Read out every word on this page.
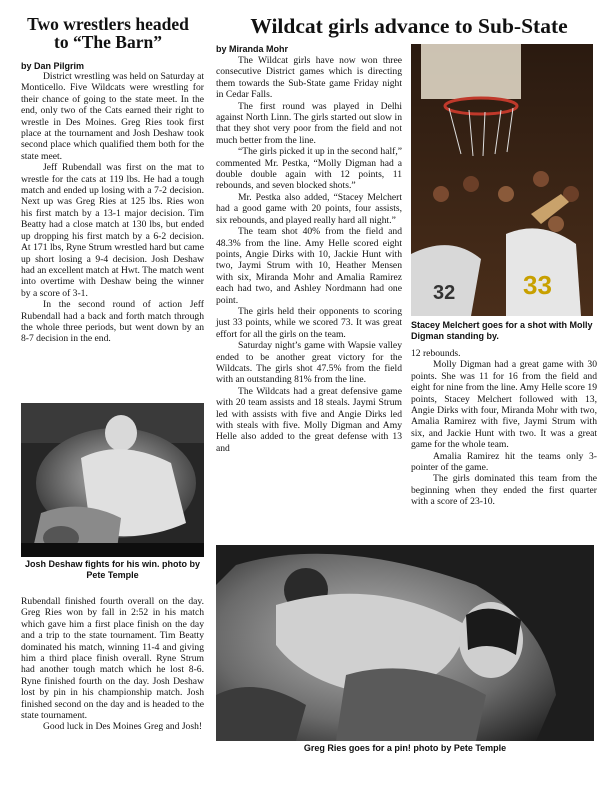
Two wrestlers headed
to “The Barn”
by Dan Pilgrim

District wrestling was held on Saturday at Monticello. Five Wildcats were wrestling for their chance of going to the state meet. In the end, only two of the Cats earned their right to wrestle in Des Moines. Greg Ries took first place at the tournament and Josh Deshaw took second place which qualified them both for the state meet.

Jeff Rubendall was first on the mat to wrestle for the cats at 119 lbs. He had a tough match and ended up losing with a 7-2 decision. Next up was Greg Ries at 125 lbs. Ries won his first match by a 13-1 major decision. Tim Beatty had a close match at 130 lbs, but ended up dropping his first match by a 6-2 decision. At 171 lbs, Ryne Strum wrestled hard but came up short losing a 9-4 decision. Josh Deshaw had an excellent match at Hwt. The match went into overtime with Deshaw being the winner by a score of 3-1.

In the second round of action Jeff Rubendall had a back and forth match through the whole three periods, but went down by an 8-7 decision in the end.

Josh Deshaw fights for his win. photo by Pete Temple

Rubendall finished fourth overall on the day. Greg Ries won by fall in 2:52 in his match which gave him a first place finish on the day and a trip to the state tournament. Tim Beatty dominated his match, winning 11-4 and giving him a third place finish overall. Ryne Strum had another tough match which he lost 8-6. Ryne finished fourth on the day. Josh Deshaw lost by pin in his championship match. Josh finished second on the day and is headed to the state tournament.

Good luck in Des Moines Greg and Josh!

Wildcat girls advance to Sub-State
by Miranda Mohr

The Wildcat girls have now won three consecutive District games which is directing them towards the Sub-State game Friday night in Cedar Falls.

The first round was played in Delhi against North Linn. The girls started out slow in that they shot very poor from the field and not much better from the line.

“The girls picked it up in the second half,” commented Mr. Pestka, “Molly Digman had a double double again with 12 points, 11 rebounds, and seven blocked shots.”

Mr. Pestka also added, “Stacey Melchert had a good game with 20 points, four assists, six rebounds, and played really hard all night.”

The team shot 40% from the field and 48.3% from the line. Amy Helle scored eight points, Angie Dirks with 10, Jackie Hunt with two, Jaymi Strum with 10, Heather Mensen with six, Miranda Mohr and Amalia Ramirez each had two, and Ashley Nordmann had one point.

The girls held their opponents to scoring just 33 points, while we scored 73. It was great effort for all the girls on the team.

Saturday night’s game with Wapsie valley ended to be another great victory for the Wildcats. The girls shot 47.5% from the field with an outstanding 81% from the line.

The Wildcats had a great defensive game with 20 team assists and 18 steals. Jaymi Strum led with assists with five and Angie Dirks led with steals with five. Molly Digman and Amy Helle also added to the great defense with 13 and

32	33
Stacey Melchert goes for a shot with Molly Digman standing by.

12 rebounds.

Molly Digman had a great game with 30 points. She was 11 for 16 from the field and eight for nine from the line. Amy Helle score 19 points, Stacey Melchert followed with 13, Angie Dirks with four, Miranda Mohr with two, Amalia Ramirez with five, Jaymi Strum with six, and Jackie Hunt with two. It was a great game for the whole team.

Amalia Ramirez hit the teams only 3-pointer of the game.

The girls dominated this team from the beginning when they ended the first quarter with a score of 23-10.

Greg Ries goes for a pin! photo by Pete Temple
